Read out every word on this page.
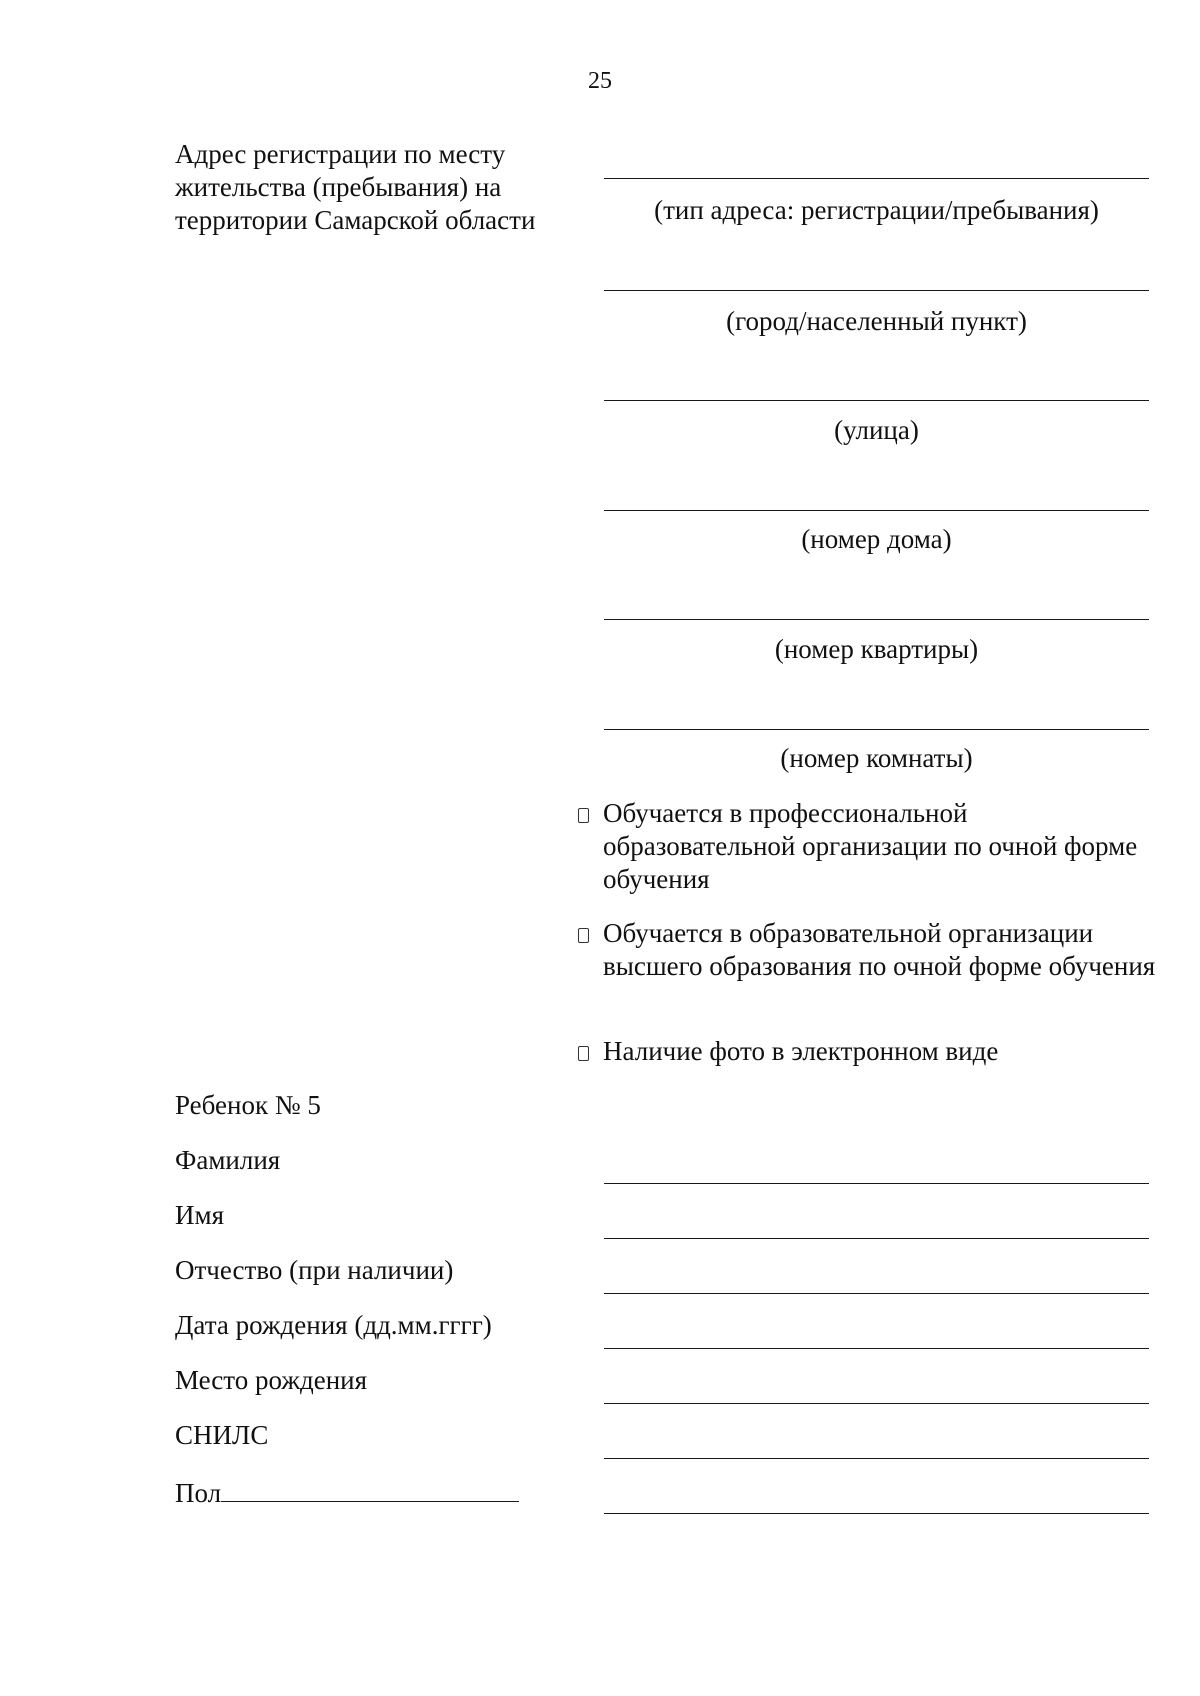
25
Адрес регистрации по месту жительства (пребывания) на территории Самарской области	(тип адреса: регистрации/пребывания)
(город/населенный пункт)
(улица)
(номер дома)
(номер квартиры)
(номер комнаты)
Обучается в профессиональной образовательной организации по очной форме обучения
Обучается в образовательной организации высшего образования по очной форме обучения
Наличие фото в электронном виде
Ребенок № 5
Фамилия
Имя
Отчество (при наличии)
Дата рождения (дд.мм.гггг)
Место рождения
СНИЛС
Пол
